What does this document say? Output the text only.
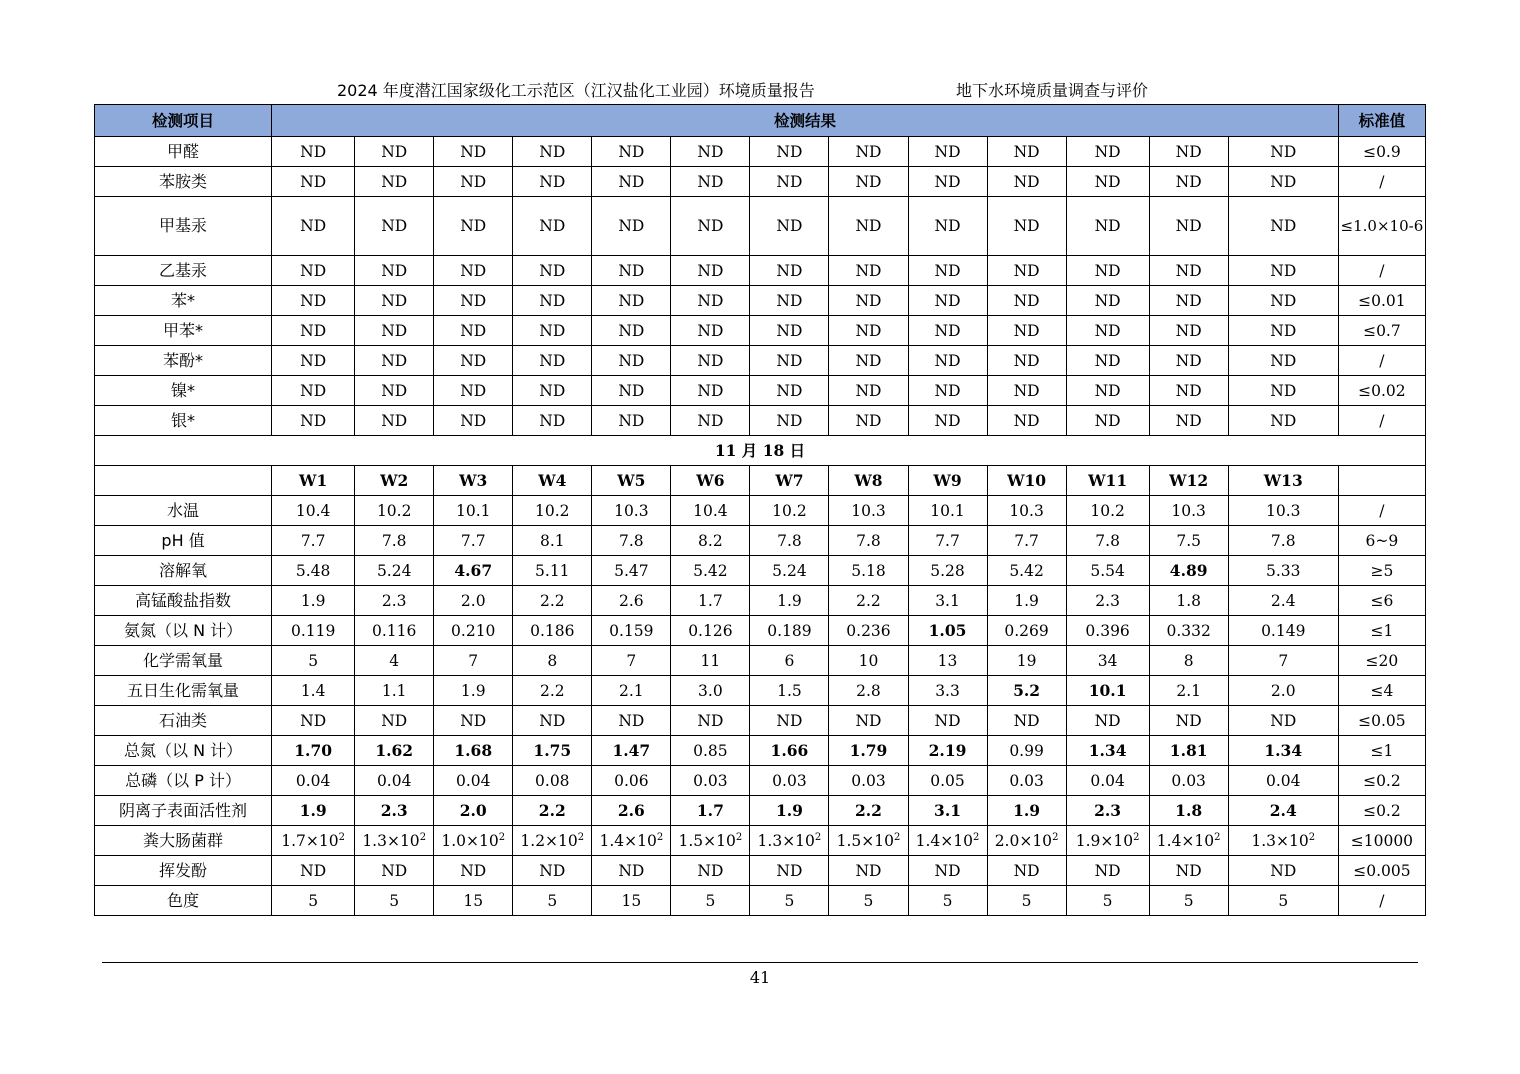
2024 年度潜江国家级化工示范区（江汉盐化工业园）环境质量报告	地下水环境质量调查与评价
检测项目	检测结果													标准值
甲醛	ND	ND	ND	ND	ND	ND	ND	ND	ND	ND	ND	ND	ND	≤0.9
苯胺类	ND	ND	ND	ND	ND	ND	ND	ND	ND	ND	ND	ND	ND	/
甲基汞	ND	ND	ND	ND	ND	ND	ND	ND	ND	ND	ND	ND	ND	≤1.0×10-6
乙基汞	ND	ND	ND	ND	ND	ND	ND	ND	ND	ND	ND	ND	ND	/
苯*	ND	ND	ND	ND	ND	ND	ND	ND	ND	ND	ND	ND	ND	≤0.01
甲苯*	ND	ND	ND	ND	ND	ND	ND	ND	ND	ND	ND	ND	ND	≤0.7
苯酚*	ND	ND	ND	ND	ND	ND	ND	ND	ND	ND	ND	ND	ND	/
镍*	ND	ND	ND	ND	ND	ND	ND	ND	ND	ND	ND	ND	ND	≤0.02
银*	ND	ND	ND	ND	ND	ND	ND	ND	ND	ND	ND	ND	ND	/
11 月 18 日														
	W1	W2	W3	W4	W5	W6	W7	W8	W9	W10	W11	W12	W13	
水温	10.4	10.2	10.1	10.2	10.3	10.4	10.2	10.3	10.1	10.3	10.2	10.3	10.3	/
pH 值	7.7	7.8	7.7	8.1	7.8	8.2	7.8	7.8	7.7	7.7	7.8	7.5	7.8	6~9
溶解氧	5.48	5.24	4.67	5.11	5.47	5.42	5.24	5.18	5.28	5.42	5.54	4.89	5.33	≥5
高锰酸盐指数	1.9	2.3	2.0	2.2	2.6	1.7	1.9	2.2	3.1	1.9	2.3	1.8	2.4	≤6
氨氮（以 N 计）	0.119	0.116	0.210	0.186	0.159	0.126	0.189	0.236	1.05	0.269	0.396	0.332	0.149	≤1
化学需氧量	5	4	7	8	7	11	6	10	13	19	34	8	7	≤20
五日生化需氧量	1.4	1.1	1.9	2.2	2.1	3.0	1.5	2.8	3.3	5.2	10.1	2.1	2.0	≤4
石油类	ND	ND	ND	ND	ND	ND	ND	ND	ND	ND	ND	ND	ND	≤0.05
总氮（以 N 计）	1.70	1.62	1.68	1.75	1.47	0.85	1.66	1.79	2.19	0.99	1.34	1.81	1.34	≤1
总磷（以 P 计）	0.04	0.04	0.04	0.08	0.06	0.03	0.03	0.03	0.05	0.03	0.04	0.03	0.04	≤0.2
阴离子表面活性剂	1.9	2.3	2.0	2.2	2.6	1.7	1.9	2.2	3.1	1.9	2.3	1.8	2.4	≤0.2
粪大肠菌群	$1.7\times 10^2$	$1.3\times 10^2$	$1.0\times 10^2$	$1.2\times 10^2$	$1.4\times 10^2$	$1.5\times 10^2$	$1.3\times 10^2$	$1.5\times 10^2$	$1.4\times 10^2$	$2.0\times 10^2$	$1.9\times 10^2$	$1.4\times 10^2$	$1.3\times 10^2$	≤10000
挥发酚	ND	ND	ND	ND	ND	ND	ND	ND	ND	ND	ND	ND	ND	≤0.005
色度	5	5	15	5	15	5	5	5	5	5	5	5	5	/
41
